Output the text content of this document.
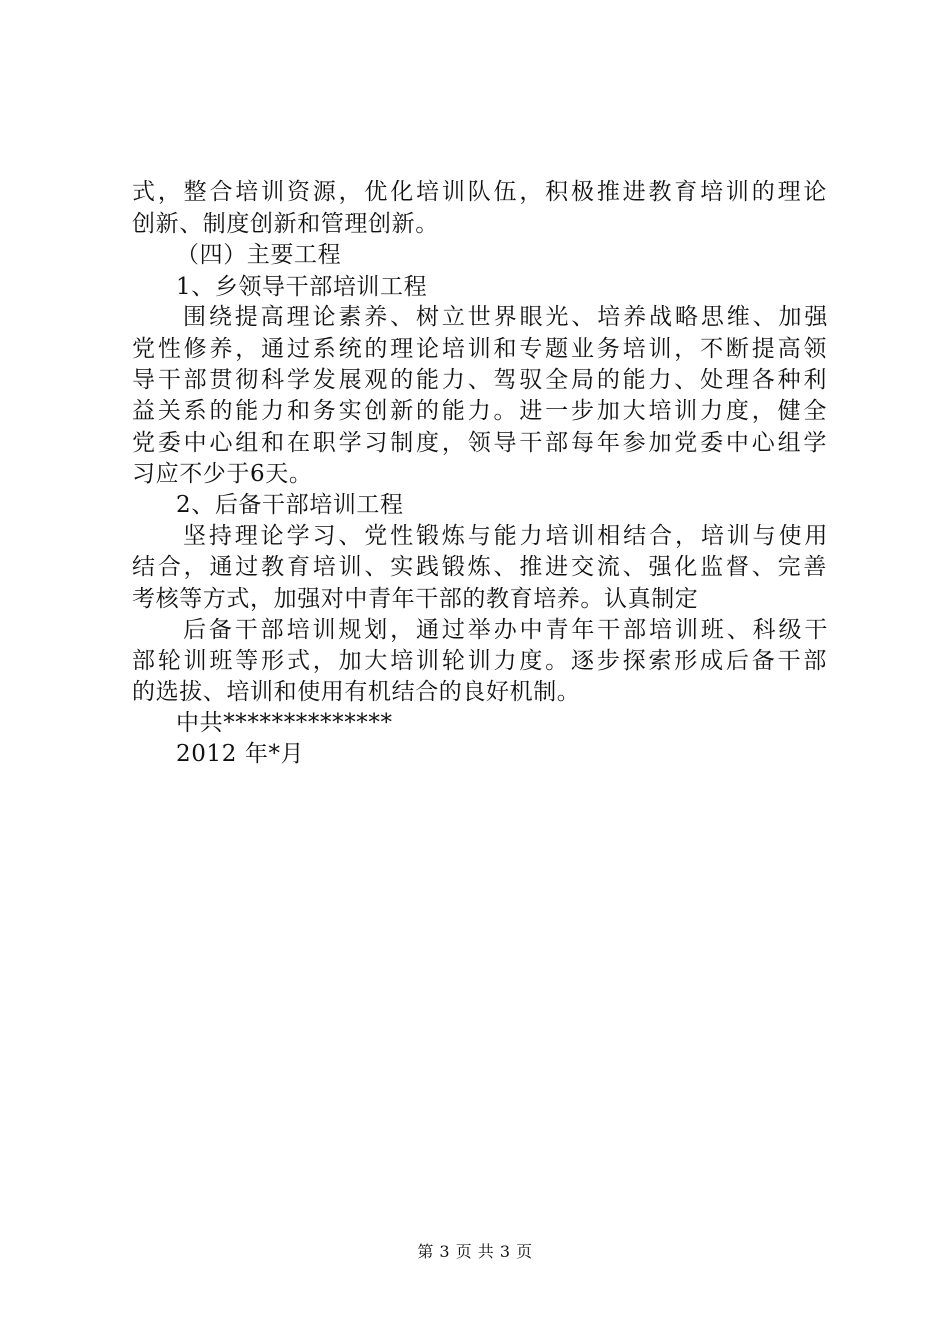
式，整合培训资源，优化培训队伍，积极推进教育培训的理论
创新、制度创新和管理创新。
（四）主要工程
1、乡领导干部培训工程
围绕提高理论素养、树立世界眼光、培养战略思维、加强
党性修养，通过系统的理论培训和专题业务培训，不断提高领
导干部贯彻科学发展观的能力、驾驭全局的能力、处理各种利
益关系的能力和务实创新的能力。进一步加大培训力度，健全
党委中心组和在职学习制度，领导干部每年参加党委中心组学
习应不少于6天。
2、后备干部培训工程
坚持理论学习、党性锻炼与能力培训相结合，培训与使用
结合，通过教育培训、实践锻炼、推进交流、强化监督、完善
考核等方式，加强对中青年干部的教育培养。认真制定
后备干部培训规划，通过举办中青年干部培训班、科级干
部轮训班等形式，加大培训轮训力度。逐步探索形成后备干部
的选拔、培训和使用有机结合的良好机制。
中共**************
2012 年*月
第 3 页 共 3 页
